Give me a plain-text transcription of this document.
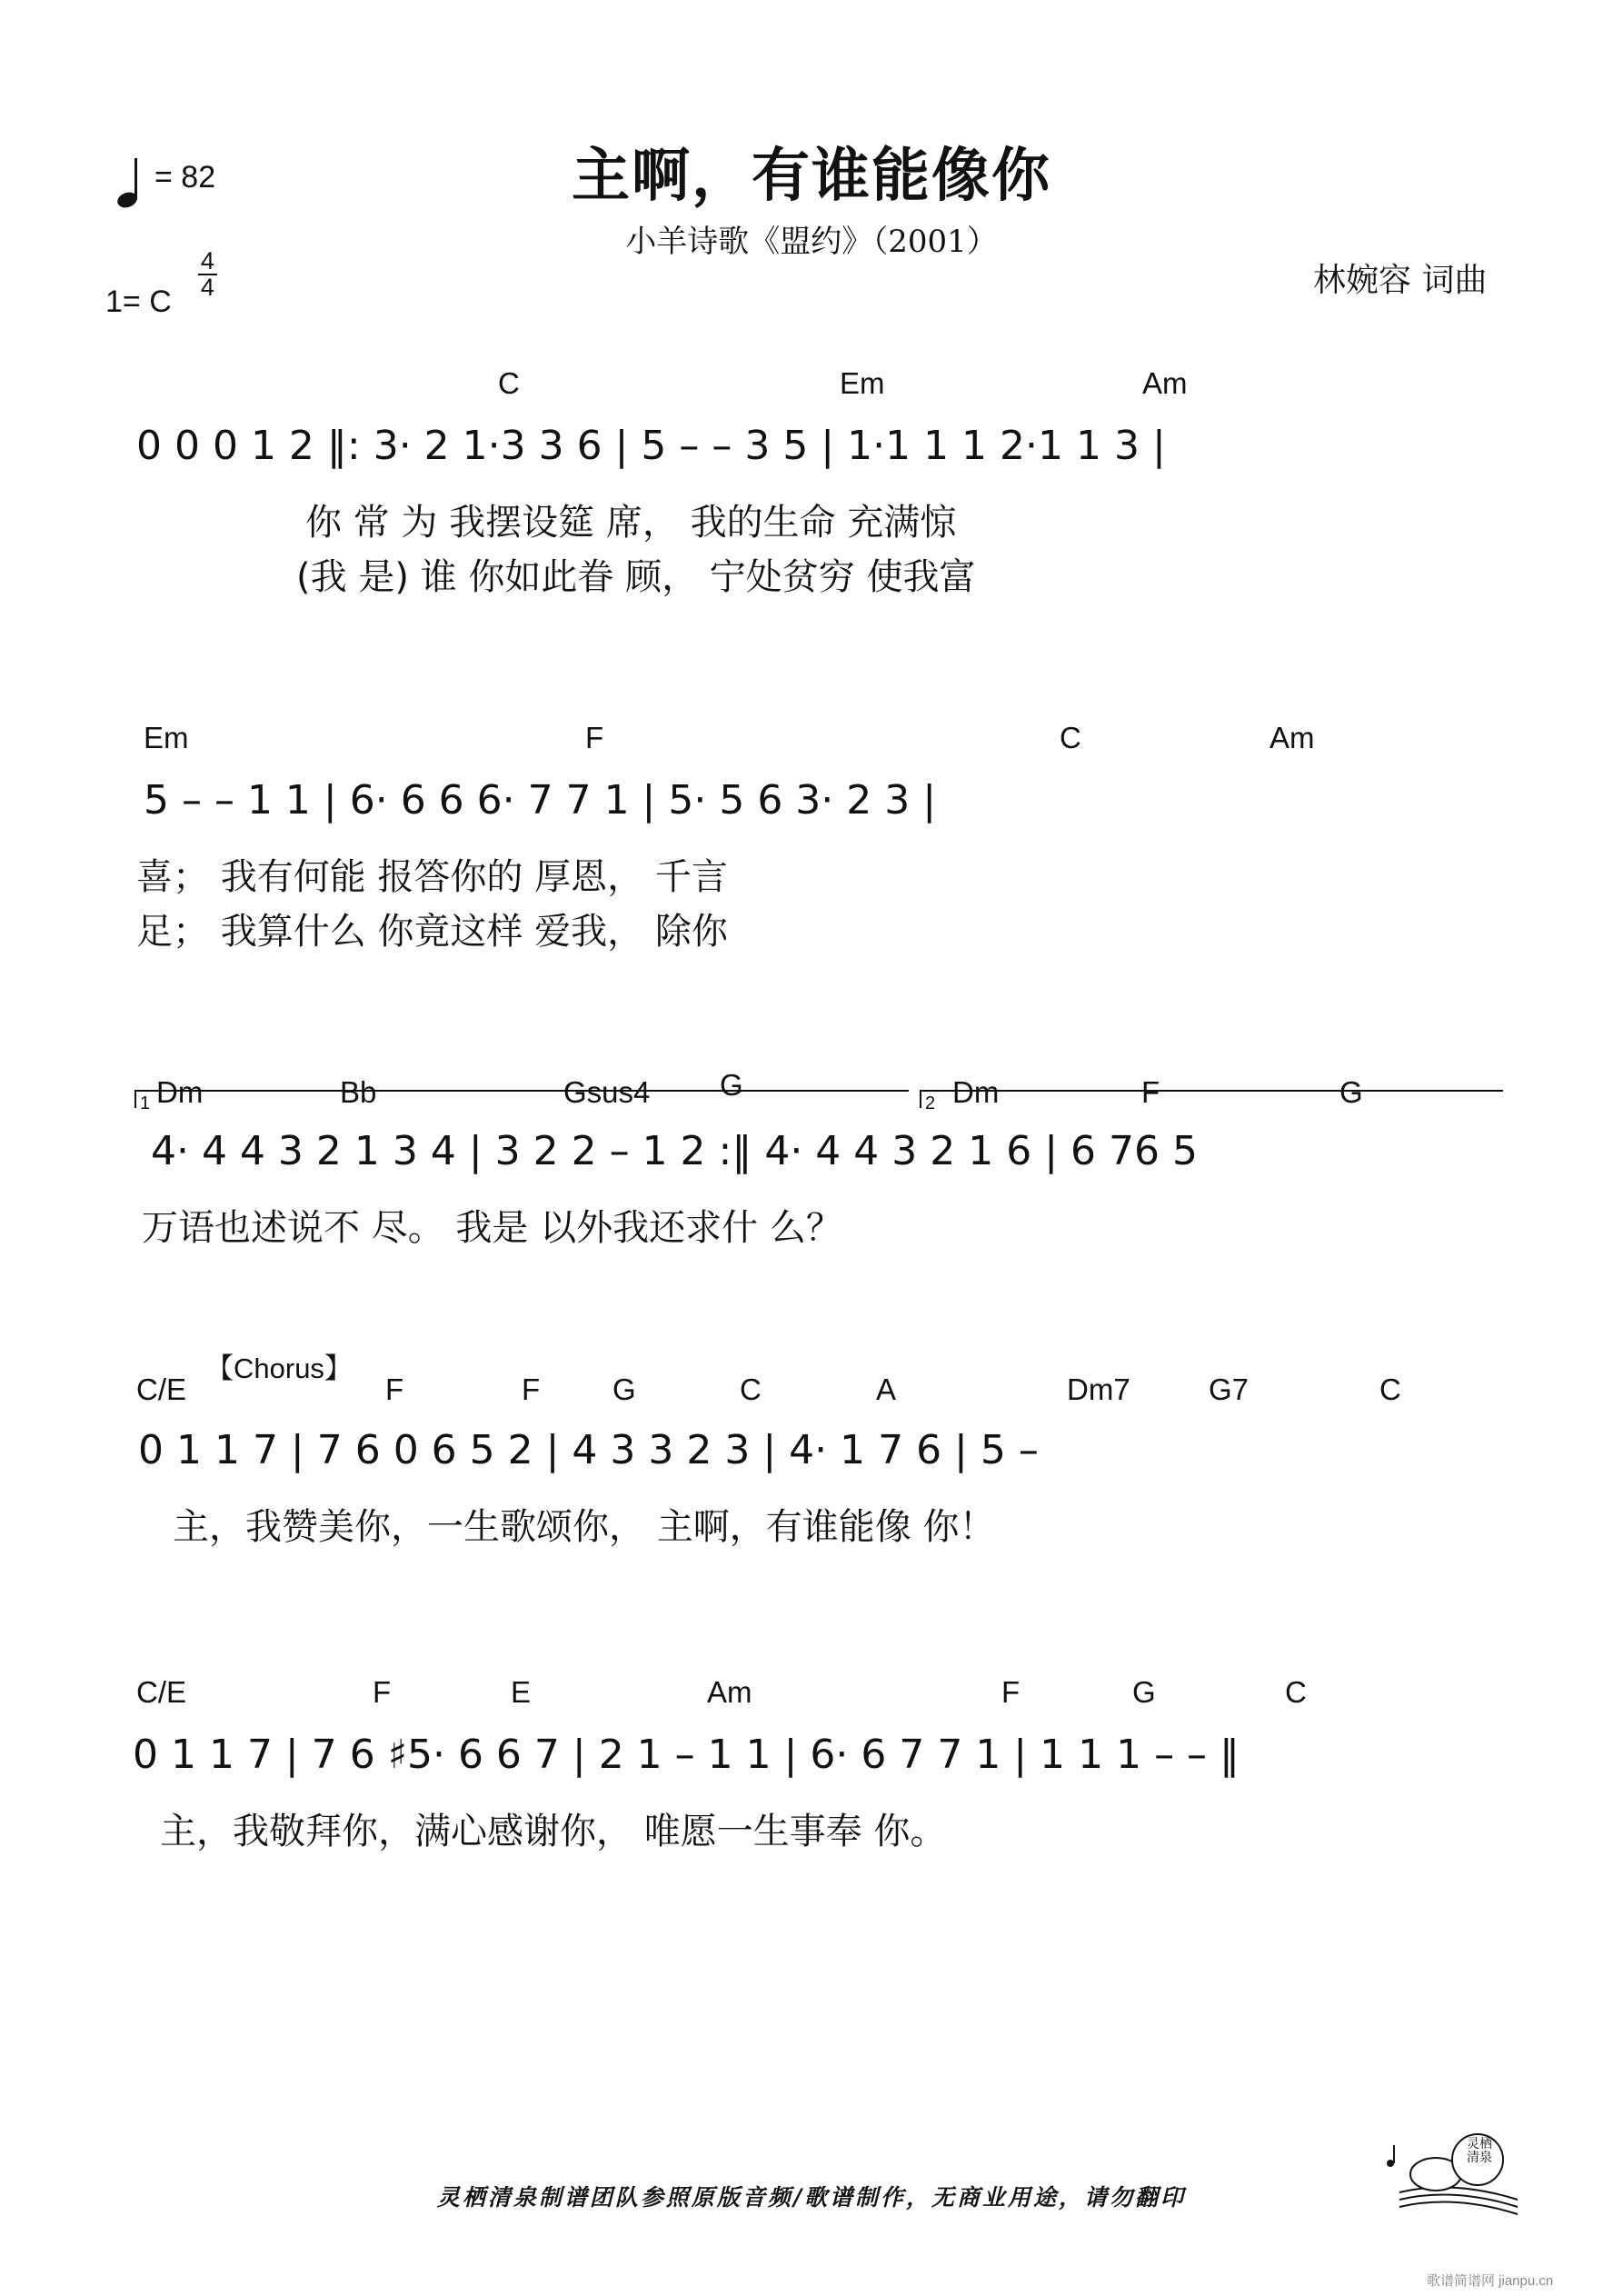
= 82	主啊，有谁能像你
小羊诗歌《盟约》（2001）
1= C
$\frac{4}{4}$	林婉容 词曲
C	Em	Am
0 0 0 1 2 ‖: 3· 2 1·3 3 6 | 5 – – 3 5 | 1·1 1 1 2·1 1 3 |
你 常 为 我摆设筵 席， 我的生命 充满惊
(我 是) 谁 你如此眷 顾， 宁处贫穷 使我富
Em	F	C	Am
5 – – 1 1 | 6· 6 6 6· 7 7 1 | 5· 5 6 3· 2 3 |
喜； 我有何能 报答你的 厚恩， 千言
足； 我算什么 你竟这样 爱我， 除你
1	2
Dm	Bb	Gsus4 G	Dm	F	G
4· 4 4 3 2 1 3 4 | 3 2 2 – 1 2 :‖ 4· 4 4 3 2 1 6 | 6 76 5
万语也述说不 尽。 我是 以外我还求什 么？
【Chorus】
C/E	F	F G	C	A	Dm7	G7	C
0 1 1 7 | 7 6 0 6 5 2 | 4 3 3 2 3 | 4· 1 7 6 | 5 –
主，我赞美你，一生歌颂你， 主啊，有谁能像 你！
C/E	F	E	Am	F	G	C
0 1 1 7 | 7 6 ♯5· 6 6 7 | 2 1 – 1 1 | 6· 6 7 7 1 | 1 1 1 – – ‖
主，我敬拜你，满心感谢你， 唯愿一生事奉 你。
灵栖清泉制谱团队参照原版音频/歌谱制作，无商业用途，请勿翻印
灵栖清泉
歌谱简谱网 jianpu.cn
